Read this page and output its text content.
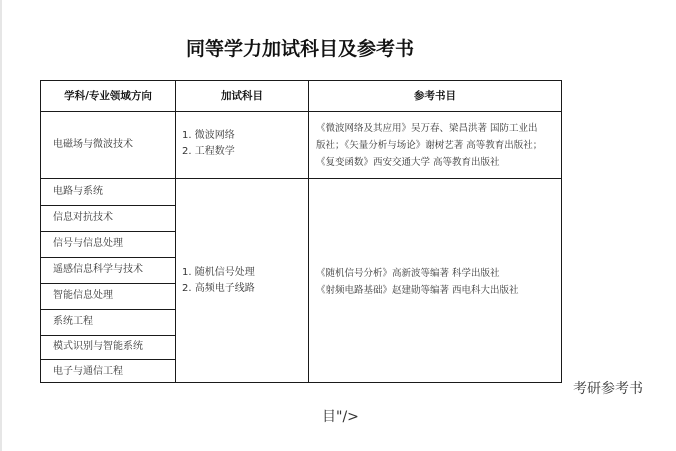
同等学力加试科目及参考书
学科/专业领域方向	加试科目	参考书目
电磁场与微波技术
1. 微波网络
2. 工程数学
《微波网络及其应用》吴万春、梁昌洪著 国防工业出
版社；《矢量分析与场论》谢树艺著 高等教育出版社；
《复变函数》西安交通大学 高等教育出版社
电路与系统
信息对抗技术
信号与信息处理
遥感信息科学与技术
智能信息处理
系统工程
模式识别与智能系统
电子与通信工程
1. 随机信号处理
2. 高频电子线路
《随机信号分析》高新波等编著 科学出版社
《射频电路基础》赵建勋等编著 西电科大出版社
考研参考书
目"/>
